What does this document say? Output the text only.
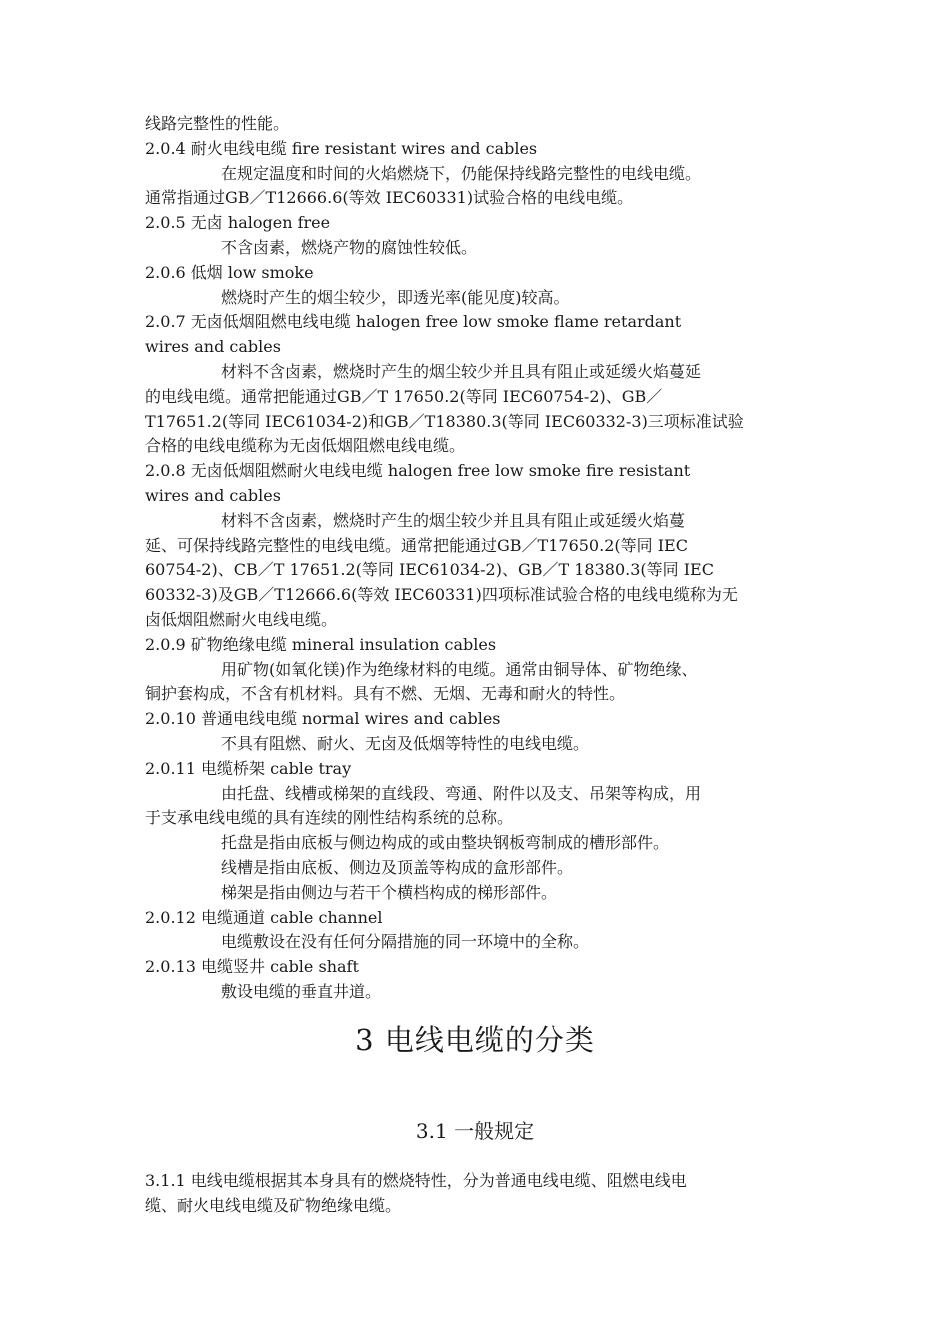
线路完整性的性能。
2.0.4 耐火电线电缆 fire resistant wires and cables
在规定温度和时间的火焰燃烧下，仍能保持线路完整性的电线电缆。
通常指通过GB／T12666.6(等效 IEC60331)试验合格的电线电缆。
2.0.5 无卤 halogen free
不含卤素，燃烧产物的腐蚀性较低。
2.0.6 低烟 low smoke
燃烧时产生的烟尘较少，即透光率(能见度)较高。
2.0.7 无卤低烟阻燃电线电缆 halogen free low smoke flame retardant
wires and cables
材料不含卤素，燃烧时产生的烟尘较少并且具有阻止或延缓火焰蔓延
的电线电缆。通常把能通过GB／T 17650.2(等同 IEC60754-2)、GB／
T17651.2(等同 IEC61034-2)和GB／T18380.3(等同 IEC60332-3)三项标准试验
合格的电线电缆称为无卤低烟阻燃电线电缆。
2.0.8 无卤低烟阻燃耐火电线电缆 halogen free low smoke fire resistant
wires and cables
材料不含卤素，燃烧时产生的烟尘较少并且具有阻止或延缓火焰蔓
延、可保持线路完整性的电线电缆。通常把能通过GB／T17650.2(等同 IEC
60754-2)、CB／T 17651.2(等同 IEC61034-2)、GB／T 18380.3(等同 IEC
60332-3)及GB／T12666.6(等效 IEC60331)四项标准试验合格的电线电缆称为无
卤低烟阻燃耐火电线电缆。
2.0.9 矿物绝缘电缆 mineral insulation cables
用矿物(如氧化镁)作为绝缘材料的电缆。通常由铜导体、矿物绝缘、
铜护套构成，不含有机材料。具有不燃、无烟、无毒和耐火的特性。
2.0.10 普通电线电缆 normal wires and cables
不具有阻燃、耐火、无卤及低烟等特性的电线电缆。
2.0.11 电缆桥架 cable tray
由托盘、线槽或梯架的直线段、弯通、附件以及支、吊架等构成，用
于支承电线电缆的具有连续的刚性结构系统的总称。
托盘是指由底板与侧边构成的或由整块钢板弯制成的槽形部件。
线槽是指由底板、侧边及顶盖等构成的盒形部件。
梯架是指由侧边与若干个横档构成的梯形部件。
2.0.12 电缆通道 cable channel
电缆敷设在没有任何分隔措施的同一环境中的全称。
2.0.13 电缆竖井 cable shaft
敷设电缆的垂直井道。
3 电线电缆的分类
3.1 一般规定
3.1.1 电线电缆根据其本身具有的燃烧特性，分为普通电线电缆、阻燃电线电
缆、耐火电线电缆及矿物绝缘电缆。
